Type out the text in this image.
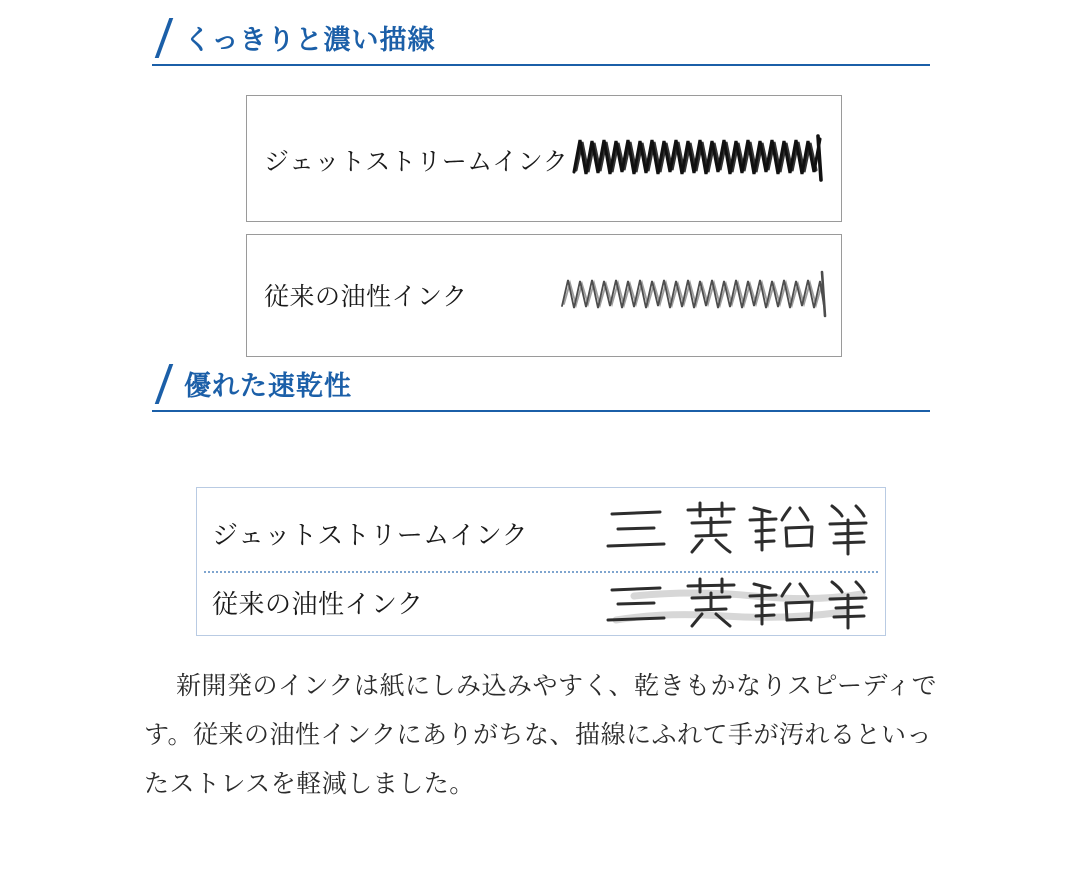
くっきりと濃い描線
ジェットストリームインク
従来の油性インク
優れた速乾性
ジェットストリームインク
従来の油性インク
新開発のインクは紙にしみ込みやすく、乾きもかなりスピーディです。従来の油性インクにありがちな、描線にふれて手が汚れるといったストレスを軽減しました。
